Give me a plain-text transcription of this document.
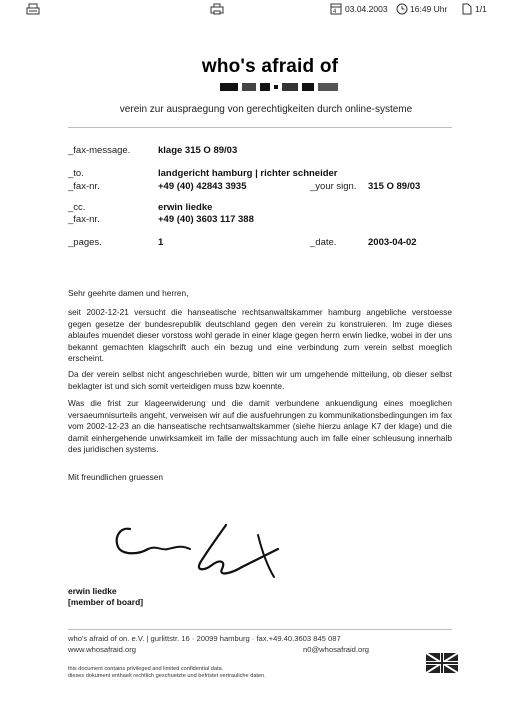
4 03.04.2003	16:49 Uhr	1/1
who's afraid of
verein zur auspraegung von gerechtigkeiten durch online-systeme
_fax-message.	klage 315 O 89/03
_to.	landgericht hamburg | richter schneider
_fax-nr.	+49 (40) 42843 3935	_your sign. 315 O 89/03
_cc.	erwin liedke
_fax-nr.	+49 (40) 3603 117 388
_pages.	1	_date.	2003-04-02
Sehr geehrte damen und herren,
seit 2002-12-21 versucht die hanseatische rechtsanwaltskammer hamburg angebliche verstoesse gegen gesetze der bundesrepublik deutschland gegen den verein zu konstruieren. Im zuge dieses ablaufes muendet dieser vorstoss wohl gerade in einer klage gegen herrn erwin liedke, wobei in der uns bekannt gemachten klagschrift auch ein bezug und eine verbindung zum verein selbst moeglich erscheint.
Da der verein selbst nicht angeschrieben wurde, bitten wir um umgehende mitteilung, ob dieser selbst beklagter ist und sich somit verteidigen muss bzw koennte.
Was die frist zur klageerwiderung und die damit verbundene ankuendigung eines moeglichen versaeumnisurteils angeht, verweisen wir auf die ausfuehrungen zu kommunikationsbedingungen im fax vom 2002-12-23 an die hanseatische rechtsanwaltskammer (siehe hierzu anlage K7 der klage) und die damit einhergehende unwirksamkeit im falle der missachtung auch im falle einer schleusung innerhalb des juridischen systems.
Mit freundlichen gruessen
erwin liedke
[member of board]
who's afraid of on. e.V. | gurlittstr. 16 · 20099 hamburg · fax.+49.40.3603 845 087
www.whosafraid.org	n0@whosafraid.org
this document contains privileged and limited confidential data.
dieses dokument enthaelt rechtlich geschuetzte und befristet vertrauliche daten.
